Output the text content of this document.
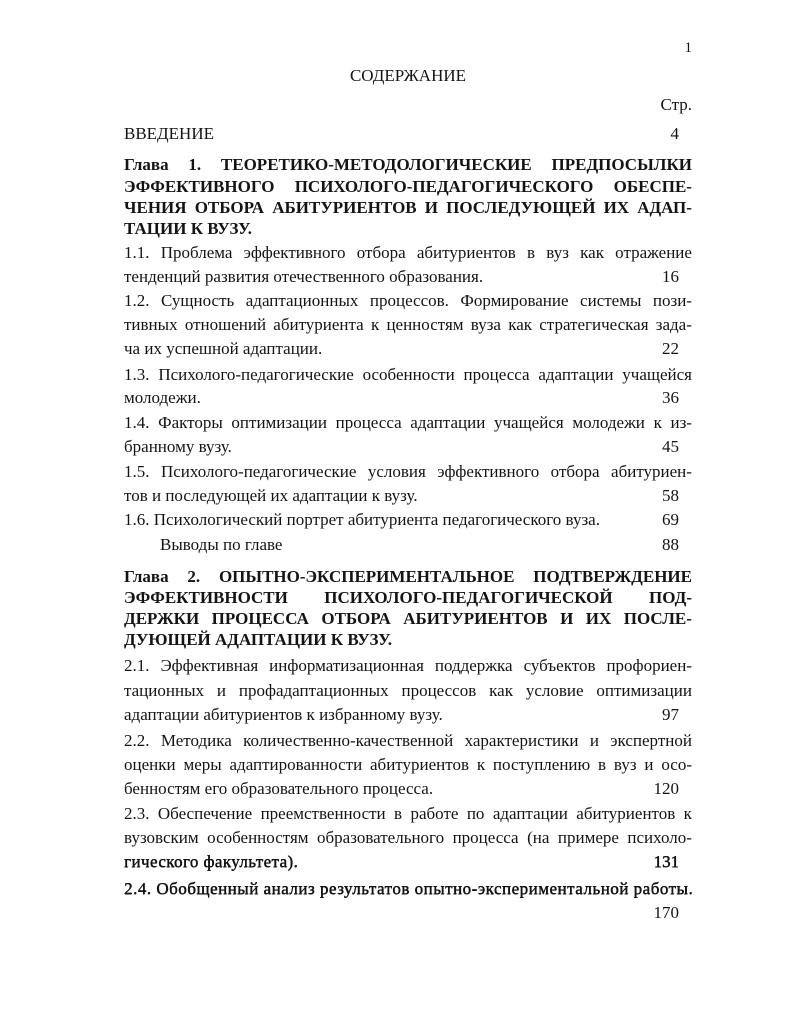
1
СОДЕРЖАНИЕ
Стр.
ВВЕДЕНИЕ	4
Глава 1. ТЕОРЕТИКО-МЕТОДОЛОГИЧЕСКИЕ ПРЕДПОСЫЛКИ
ЭФФЕКТИВНОГО ПСИХОЛОГО-ПЕДАГОГИЧЕСКОГО ОБЕСПЕ-
ЧЕНИЯ ОТБОРА АБИТУРИЕНТОВ И ПОСЛЕДУЮЩЕЙ ИХ АДАП-
ТАЦИИ К ВУЗУ.
1.1. Проблема эффективного отбора абитуриентов в вуз как отражение
тенденций развития отечественного образования.	16
1.2. Сущность адаптационных процессов. Формирование системы пози-
тивных отношений абитуриента к ценностям вуза как стратегическая зада-
ча их успешной адаптации.	22
1.3. Психолого-педагогические особенности процесса адаптации учащейся
молодежи.	36
1.4. Факторы оптимизации процесса адаптации учащейся молодежи к из-
бранному вузу.	45
1.5. Психолого-педагогические условия эффективного отбора абитуриен-
тов и последующей их адаптации к вузу.	58
1.6. Психологический портрет абитуриента педагогического вуза.	69
Выводы по главе	88
Глава 2. ОПЫТНО-ЭКСПЕРИМЕНТАЛЬНОЕ ПОДТВЕРЖДЕНИЕ
ЭФФЕКТИВНОСТИ ПСИХОЛОГО-ПЕДАГОГИЧЕСКОЙ ПОД-
ДЕРЖКИ ПРОЦЕССА ОТБОРА АБИТУРИЕНТОВ И ИХ ПОСЛЕ-
ДУЮЩЕЙ АДАПТАЦИИ К ВУЗУ.
2.1. Эффективная информатизационная поддержка субъектов профориен-
тационных и профадаптационных процессов как условие оптимизации
адаптации абитуриентов к избранному вузу.	97
2.2. Методика количественно-качественной характеристики и экспертной
оценки меры адаптированности абитуриентов к поступлению в вуз и осо-
бенностям его образовательного процесса.	120
2.3. Обеспечение преемственности в работе по адаптации абитуриентов к
вузовским особенностям образовательного процесса (на примере психоло-
гического факультета).	131
2.4. Обобщенный анализ результатов опытно-экспериментальной работы.
170
